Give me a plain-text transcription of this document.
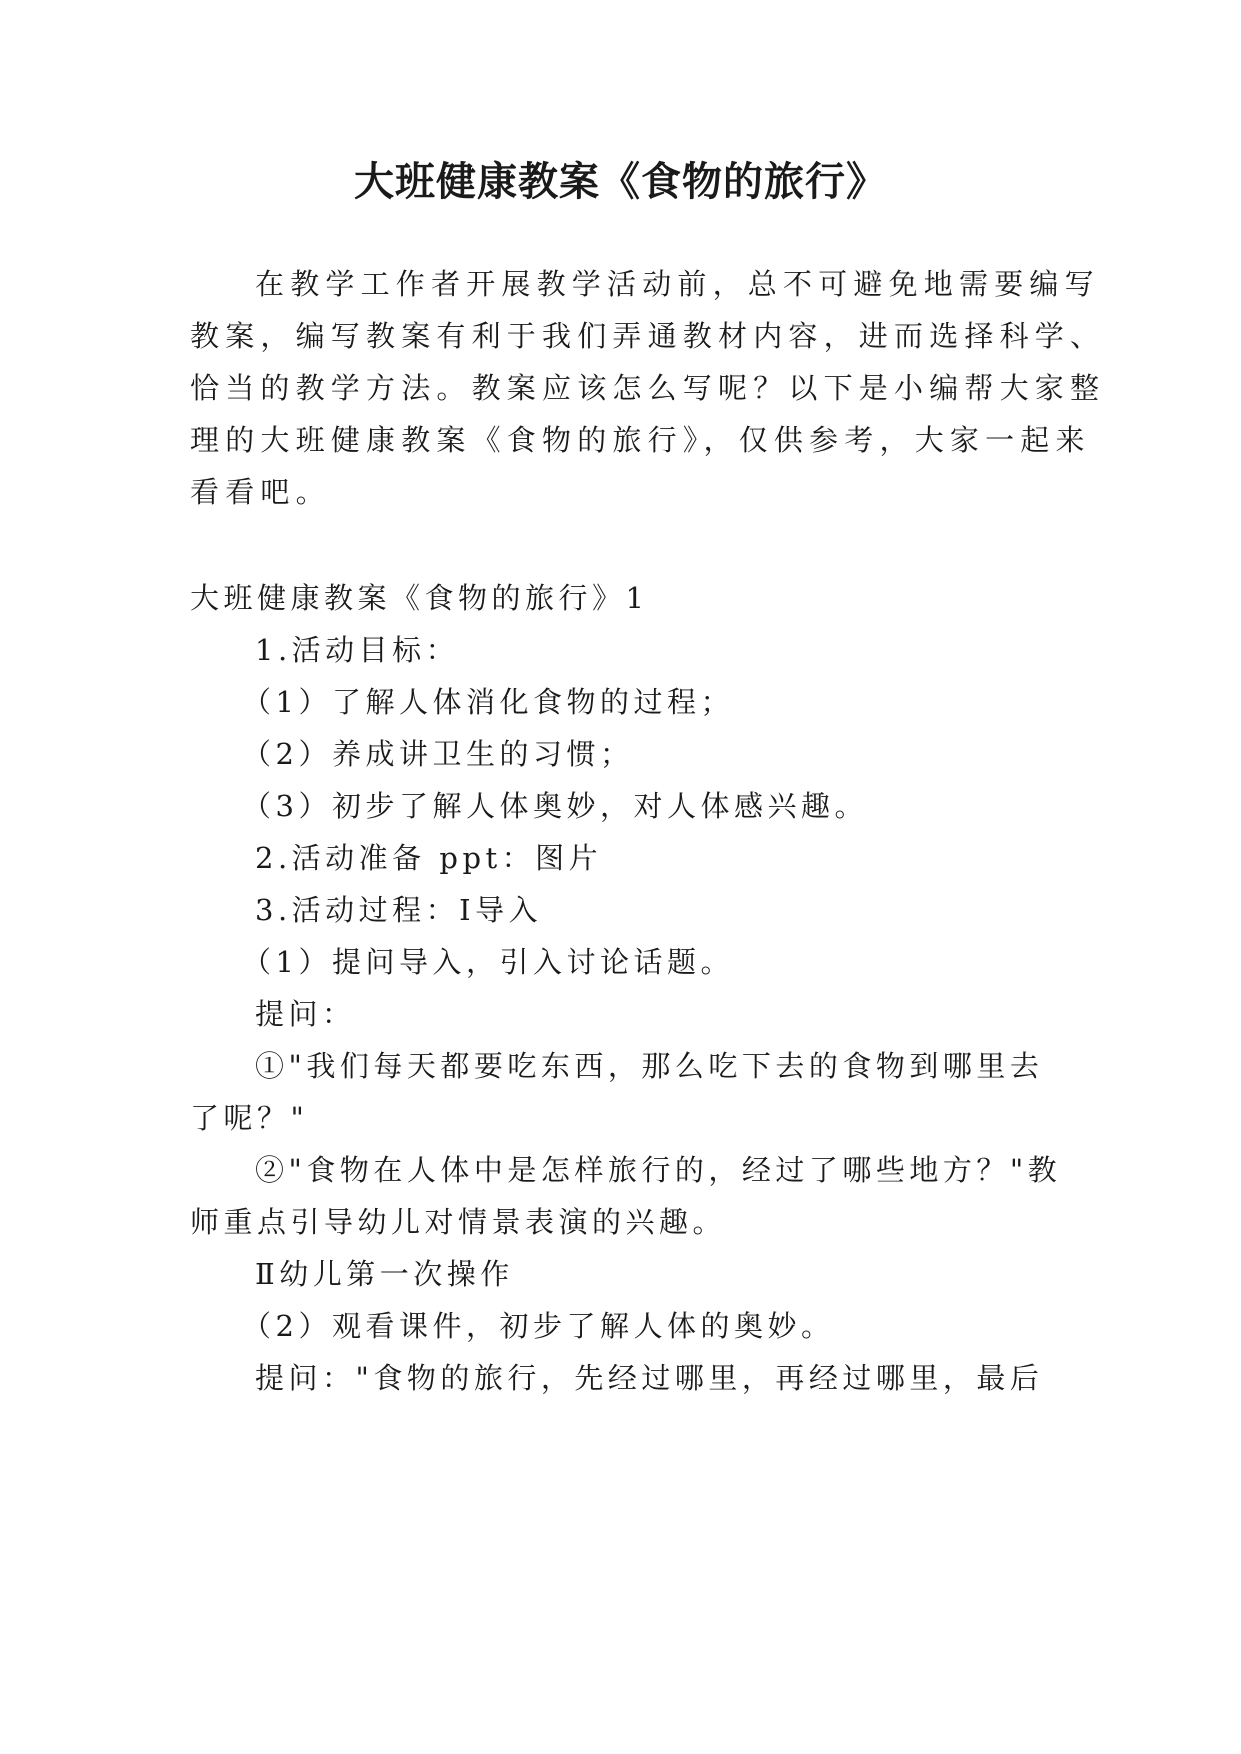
大班健康教案《食物的旅行》
在教学工作者开展教学活动前，总不可避免地需要编写
教案，编写教案有利于我们弄通教材内容，进而选择科学、
恰当的教学方法。教案应该怎么写呢？以下是小编帮大家整
理的大班健康教案《食物的旅行》，仅供参考，大家一起来
看看吧。
大班健康教案《食物的旅行》1
1.活动目标：
（1）了解人体消化食物的过程；
（2）养成讲卫生的习惯；
（3）初步了解人体奥妙，对人体感兴趣。
2.活动准备 ppt：图片
3.活动过程：Ⅰ导入
（1）提问导入，引入讨论话题。
提问：
①"我们每天都要吃东西，那么吃下去的食物到哪里去
了呢？"
②"食物在人体中是怎样旅行的，经过了哪些地方？"教
师重点引导幼儿对情景表演的兴趣。
Ⅱ幼儿第一次操作
（2）观看课件，初步了解人体的奥妙。
提问："食物的旅行，先经过哪里，再经过哪里，最后
